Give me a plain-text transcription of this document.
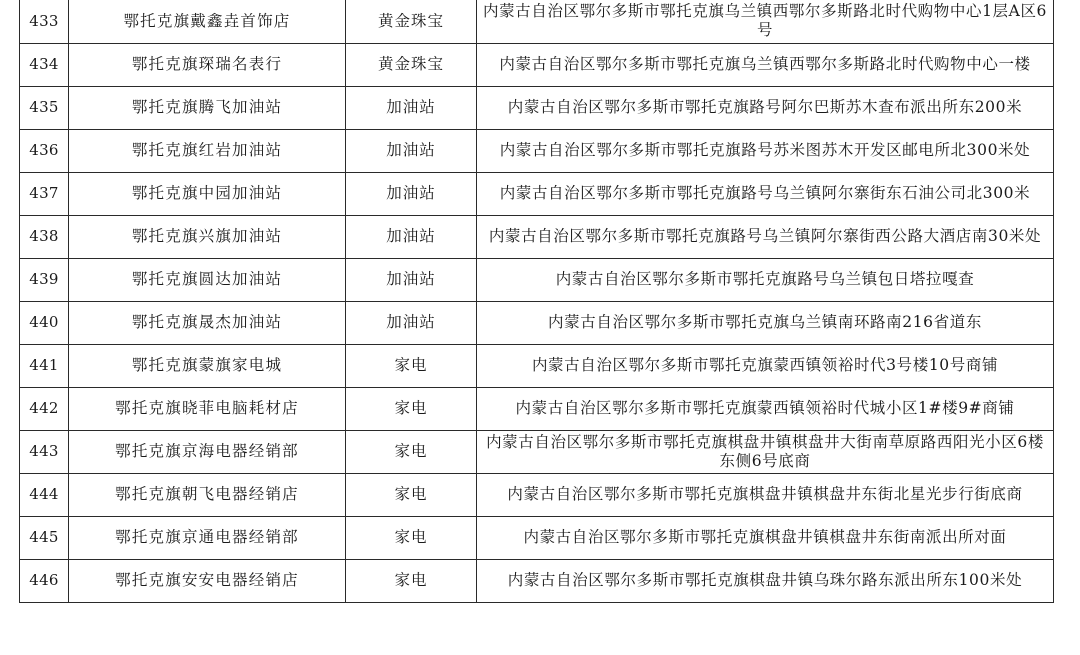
433	鄂托克旗戴鑫垚首饰店	黄金珠宝	内蒙古自治区鄂尔多斯市鄂托克旗乌兰镇西鄂尔多斯路北时代购物中心1层A区6号
434	鄂托克旗琛瑞名表行	黄金珠宝	内蒙古自治区鄂尔多斯市鄂托克旗乌兰镇西鄂尔多斯路北时代购物中心一楼
435	鄂托克旗腾飞加油站	加油站	内蒙古自治区鄂尔多斯市鄂托克旗路号阿尔巴斯苏木查布派出所东200米
436	鄂托克旗红岩加油站	加油站	内蒙古自治区鄂尔多斯市鄂托克旗路号苏米图苏木开发区邮电所北300米处
437	鄂托克旗中园加油站	加油站	内蒙古自治区鄂尔多斯市鄂托克旗路号乌兰镇阿尔寨街东石油公司北300米
438	鄂托克旗兴旗加油站	加油站	内蒙古自治区鄂尔多斯市鄂托克旗路号乌兰镇阿尔寨街西公路大酒店南30米处
439	鄂托克旗圆达加油站	加油站	内蒙古自治区鄂尔多斯市鄂托克旗路号乌兰镇包日塔拉嘎查
440	鄂托克旗晟杰加油站	加油站	内蒙古自治区鄂尔多斯市鄂托克旗乌兰镇南环路南216省道东
441	鄂托克旗蒙旗家电城	家电	内蒙古自治区鄂尔多斯市鄂托克旗蒙西镇领裕时代3号楼10号商铺
442	鄂托克旗晓菲电脑耗材店	家电	内蒙古自治区鄂尔多斯市鄂托克旗蒙西镇领裕时代城小区1#楼9#商铺
443	鄂托克旗京海电器经销部	家电	内蒙古自治区鄂尔多斯市鄂托克旗棋盘井镇棋盘井大街南草原路西阳光小区6楼东侧6号底商
444	鄂托克旗朝飞电器经销店	家电	内蒙古自治区鄂尔多斯市鄂托克旗棋盘井镇棋盘井东街北星光步行街底商
445	鄂托克旗京通电器经销部	家电	内蒙古自治区鄂尔多斯市鄂托克旗棋盘井镇棋盘井东街南派出所对面
446	鄂托克旗安安电器经销店	家电	内蒙古自治区鄂尔多斯市鄂托克旗棋盘井镇乌珠尔路东派出所东100米处
